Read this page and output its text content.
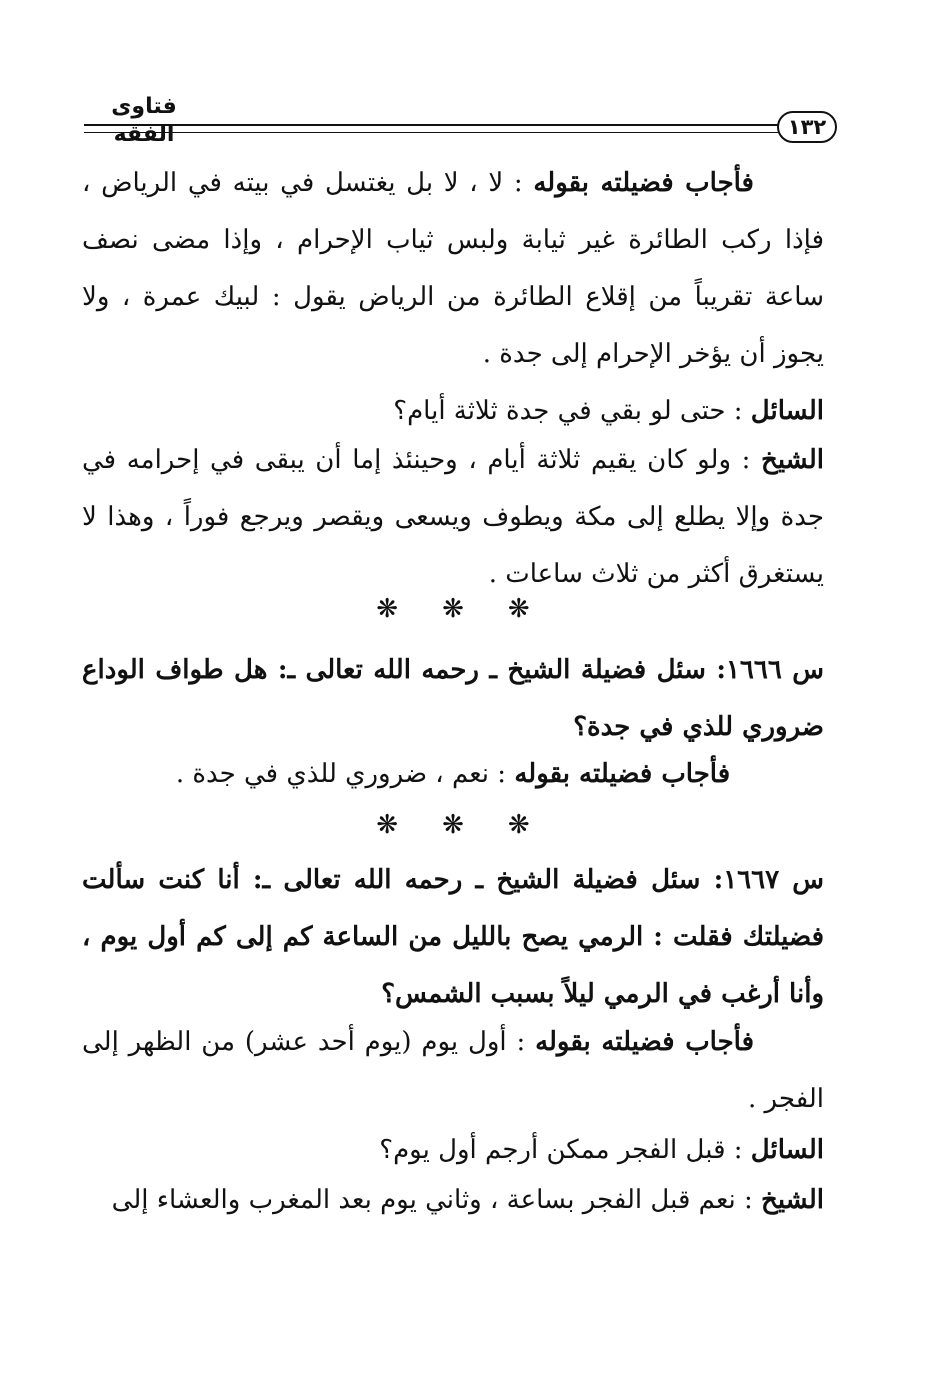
فتاوى الفقه	١٣٢

فأجاب فضيلته بقوله : لا ، لا بل يغتسل في بيته في الرياض ، فإذا ركب الطائرة غير ثيابة ولبس ثياب الإحرام ، وإذا مضى نصف ساعة تقريباً من إقلاع الطائرة من الرياض يقول : لبيك عمرة ، ولا يجوز أن يؤخر الإحرام إلى جدة .

السائل : حتى لو بقي في جدة ثلاثة أيام؟

الشيخ : ولو كان يقيم ثلاثة أيام ، وحينئذ إما أن يبقى في إحرامه في جدة وإلا يطلع إلى مكة ويطوف ويسعى ويقصر ويرجع فوراً ، وهذا لا يستغرق أكثر من ثلاث ساعات .

❋❋❋

س ١٦٦٦: سئل فضيلة الشيخ ـ رحمه الله تعالى ـ: هل طواف الوداع ضروري للذي في جدة؟

فأجاب فضيلته بقوله : نعم ، ضروري للذي في جدة .

❋❋❋

س ١٦٦٧: سئل فضيلة الشيخ ـ رحمه الله تعالى ـ: أنا كنت سألت فضيلتك فقلت : الرمي يصح بالليل من الساعة كم إلى كم أول يوم ، وأنا أرغب في الرمي ليلاً بسبب الشمس؟

فأجاب فضيلته بقوله : أول يوم (يوم أحد عشر) من الظهر إلى الفجر .

السائل : قبل الفجر ممكن أرجم أول يوم؟

الشيخ : نعم قبل الفجر بساعة ، وثاني يوم بعد المغرب والعشاء إلى
